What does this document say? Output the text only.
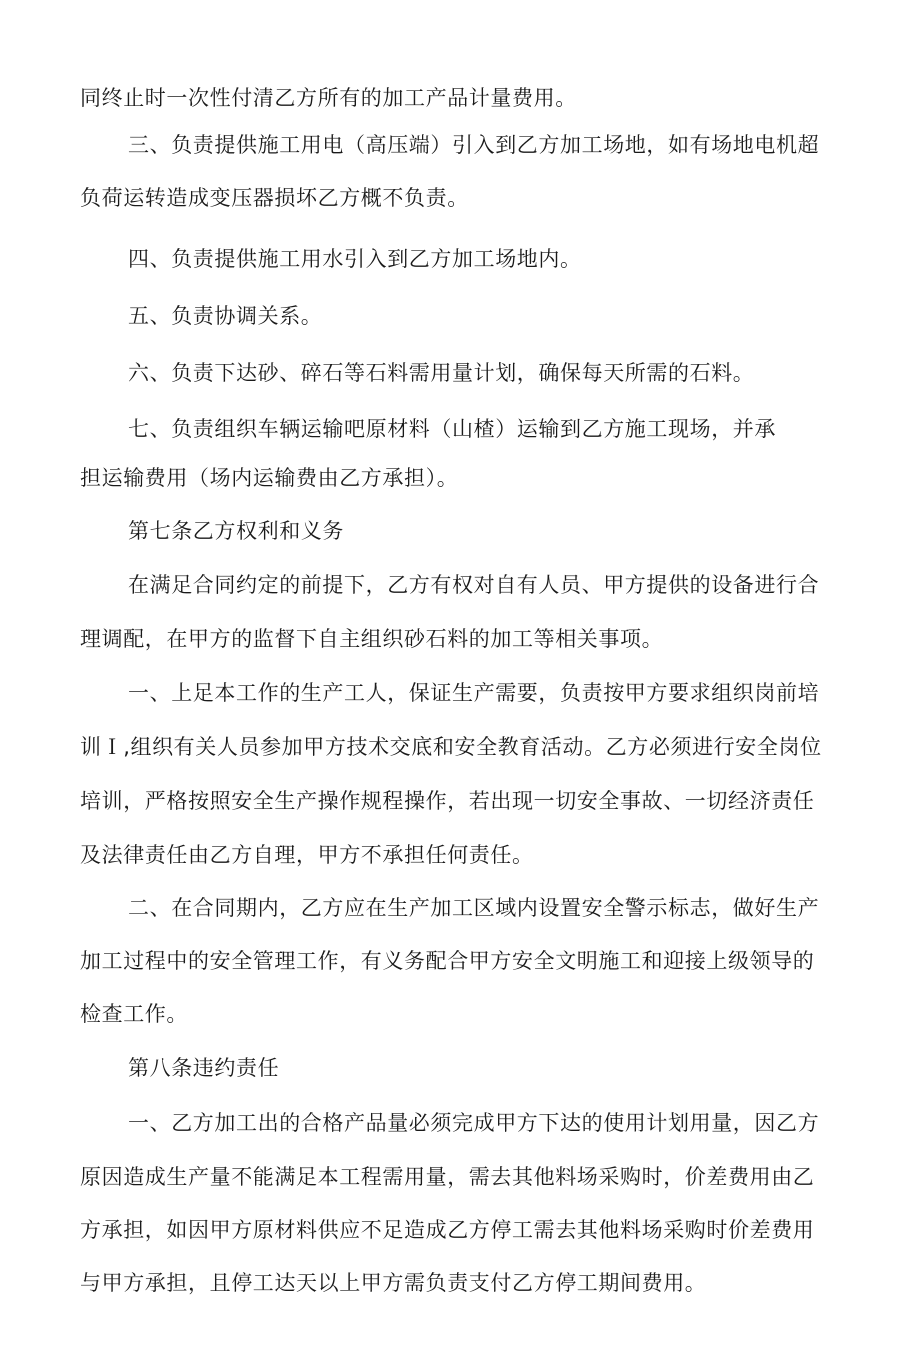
同终止时一次性付清乙方所有的加工产品计量费用。
三、负责提供施工用电（高压端）引入到乙方加工场地，如有场地电机超
负荷运转造成变压器损坏乙方概不负责。
四、负责提供施工用水引入到乙方加工场地内。
五、负责协调关系。
六、负责下达砂、碎石等石料需用量计划，确保每天所需的石料。
七、负责组织车辆运输吧原材料（山楂）运输到乙方施工现场，并承
担运输费用（场内运输费由乙方承担）。
第七条乙方权利和义务
在满足合同约定的前提下，乙方有权对自有人员、甲方提供的设备进行合
理调配，在甲方的监督下自主组织砂石料的加工等相关事项。
一、上足本工作的生产工人，保证生产需要，负责按甲方要求组织岗前培
训Ｉ,组织有关人员参加甲方技术交底和安全教育活动。乙方必须进行安全岗位
培训，严格按照安全生产操作规程操作，若出现一切安全事故、一切经济责任
及法律责任由乙方自理，甲方不承担任何责任。
二、在合同期内，乙方应在生产加工区域内设置安全警示标志，做好生产
加工过程中的安全管理工作，有义务配合甲方安全文明施工和迎接上级领导的
检查工作。
第八条违约责任
一、乙方加工出的合格产品量必须完成甲方下达的使用计划用量，因乙方
原因造成生产量不能满足本工程需用量，需去其他料场采购时，价差费用由乙
方承担，如因甲方原材料供应不足造成乙方停工需去其他料场采购时价差费用
与甲方承担，且停工达天以上甲方需负责支付乙方停工期间费用。
